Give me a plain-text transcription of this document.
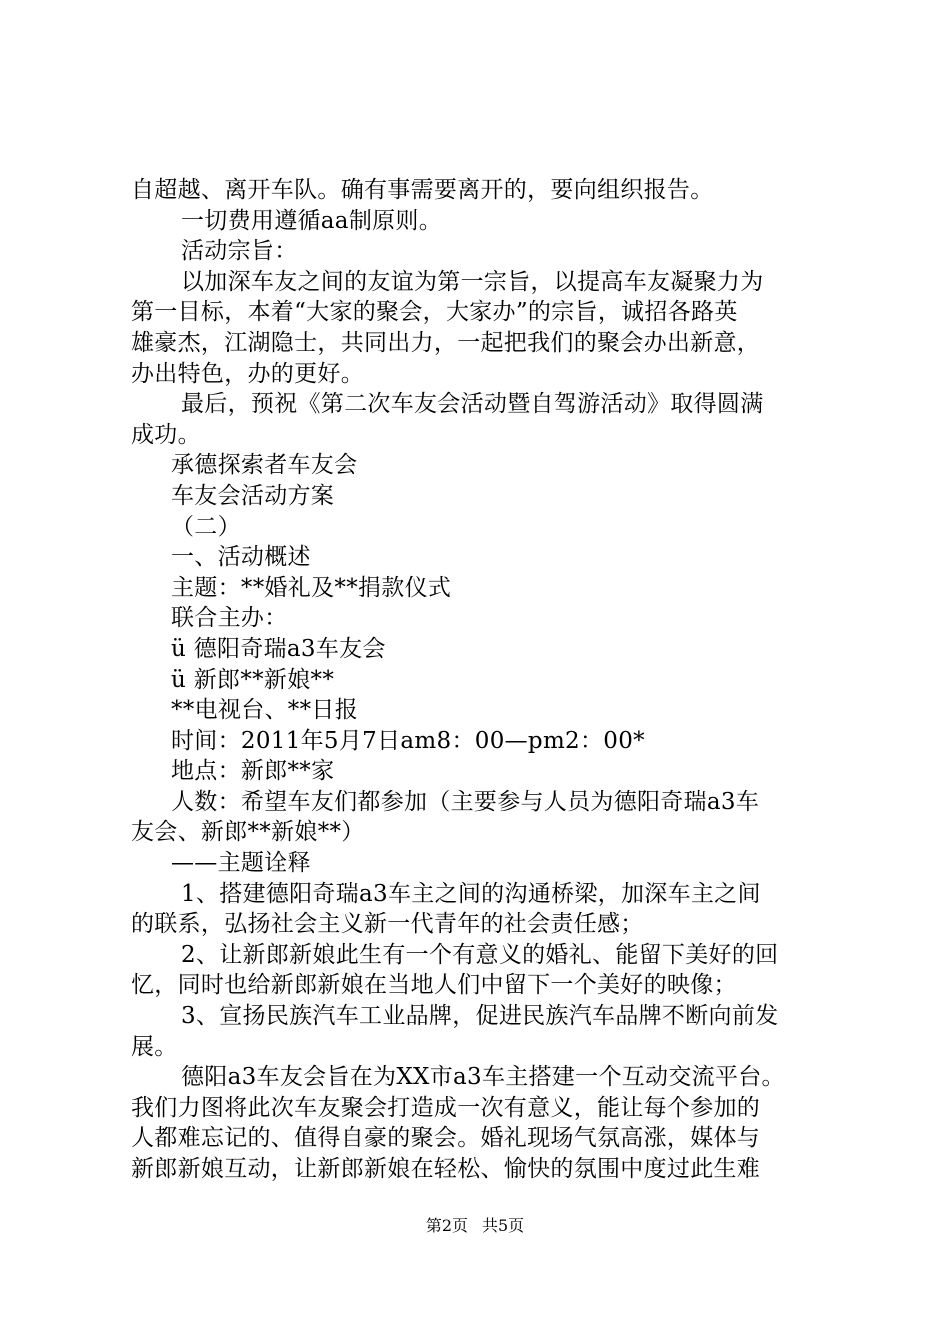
自超越、离开车队。确有事需要离开的，要向组织报告。
一切费用遵循aa制原则。
活动宗旨：
以加深车友之间的友谊为第一宗旨，以提高车友凝聚力为
第一目标，本着“大家的聚会，大家办”的宗旨，诚招各路英
雄豪杰，江湖隐士，共同出力，一起把我们的聚会办出新意，
办出特色，办的更好。
最后，预祝《第二次车友会活动暨自驾游活动》取得圆满
成功。
承德探索者车友会
车友会活动方案
（二）
一、活动概述
主题：**婚礼及**捐款仪式
联合主办：
ü 德阳奇瑞a3车友会
ü 新郎**新娘**
**电视台、**日报
时间：2011年5月7日am8：00—pm2：00*
地点：新郎**家
人数：希望车友们都参加（主要参与人员为德阳奇瑞a3车
友会、新郎**新娘**）
——主题诠释
1、搭建德阳奇瑞a3车主之间的沟通桥梁，加深车主之间
的联系，弘扬社会主义新一代青年的社会责任感；
2、让新郎新娘此生有一个有意义的婚礼、能留下美好的回
忆，同时也给新郎新娘在当地人们中留下一个美好的映像；
3、宣扬民族汽车工业品牌，促进民族汽车品牌不断向前发
展。
德阳a3车友会旨在为XX市a3车主搭建一个互动交流平台。
我们力图将此次车友聚会打造成一次有意义，能让每个参加的
人都难忘记的、值得自豪的聚会。婚礼现场气氛高涨，媒体与
新郎新娘互动，让新郎新娘在轻松、愉快的氛围中度过此生难
第2页 共5页
